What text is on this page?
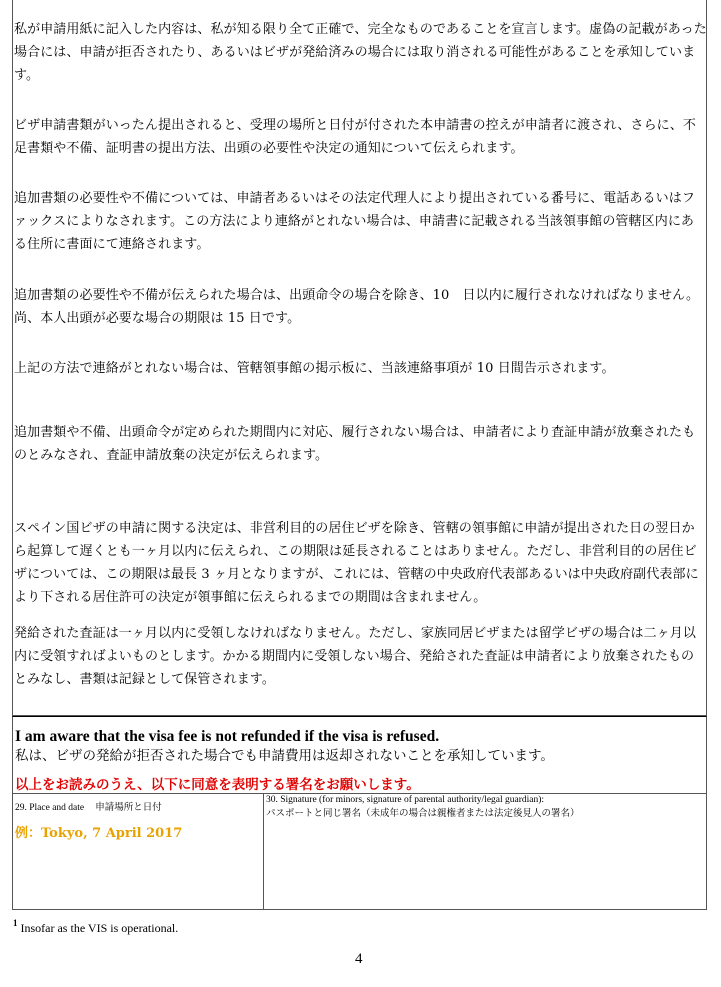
私が申請用紙に記入した内容は、私が知る限り全て正確で、完全なものであることを宣言します。虚偽の記載があった場合には、申請が拒否されたり、あるいはビザが発給済みの場合には取り消される可能性があることを承知しています。
ビザ申請書類がいったん提出されると、受理の場所と日付が付された本申請書の控えが申請者に渡され、さらに、不足書類や不備、証明書の提出方法、出頭の必要性や決定の通知について伝えられます。
追加書類の必要性や不備については、申請者あるいはその法定代理人により提出されている番号に、電話あるいはファックスによりなされます。この方法により連絡がとれない場合は、申請書に記載される当該領事館の管轄区内にある住所に書面にて連絡されます。
追加書類の必要性や不備が伝えられた場合は、出頭命令の場合を除き、10　日以内に履行されなければなりません。尚、本人出頭が必要な場合の期限は 15 日です。
上記の方法で連絡がとれない場合は、管轄領事館の掲示板に、当該連絡事項が 10 日間告示されます。
追加書類や不備、出頭命令が定められた期間内に対応、履行されない場合は、申請者により査証申請が放棄されたものとみなされ、査証申請放棄の決定が伝えられます。
スペイン国ビザの申請に関する決定は、非営利目的の居住ビザを除き、管轄の領事館に申請が提出された日の翌日から起算して遅くとも一ヶ月以内に伝えられ、この期限は延長されることはありません。ただし、非営利目的の居住ビザについては、この期限は最長 3 ヶ月となりますが、これには、管轄の中央政府代表部あるいは中央政府副代表部により下される居住許可の決定が領事館に伝えられるまでの期間は含まれません。
発給された査証は一ヶ月以内に受領しなければなりません。ただし、家族同居ビザまたは留学ビザの場合は二ヶ月以内に受領すればよいものとします。かかる期間内に受領しない場合、発給された査証は申請者により放棄されたものとみなし、書類は記録として保管されます。
I am aware that the visa fee is not refunded if the visa is refused.
私は、ビザの発給が拒否された場合でも申請費用は返却されないことを承知しています。
以上をお読みのうえ、以下に同意を表明する署名をお願いします。
29. Place and date 申請場所と日付
例：Tokyo, 7 April 2017
30. Signature (for minors, signature of parental authority/legal guardian):
パスポートと同じ署名（未成年の場合は親権者または法定後見人の署名）
$^1$ Insofar as the VIS is operational.
4
